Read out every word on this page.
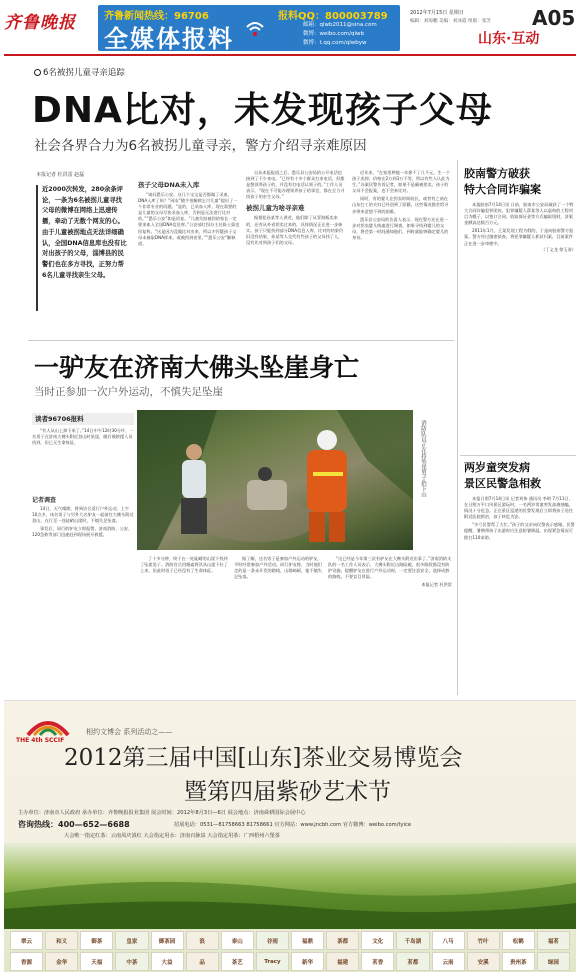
齐鲁晚报	齐鲁新闻热线：96706	报料QQ：800003789
全媒体报料	邮箱：qlwb2011@sina.com
微博：weibo.com/qlwb
微博：t.qq.com/qlwbyw
2012年7月15日 星期日
编辑：刘海鹏 美编：刘冰霞 组版：张芳 A05
山东·互动
6名被拐儿童寻亲追踪
DNA比对，未发现孩子父母
社会各界合力为6名被拐儿童寻亲，警方介绍寻亲难原因
本报记者 杜洪雷 赵磊
近2000次转发，280余条评论，一条为6名被拐儿童寻找父母的微博在网络上迅速传播，牵动了无数个网友的心。由于儿童被拐地点无法详细确认，全国DNA信息库也没有比对出孩子的父母，淄博县的民警们也在多方寻找，正努力帮6名儿童寻找亲生父母。
孩子父母DNA未入库

“请问愚乐公安，这几个宝宝是否都做了采血，DNA入库了吗？”网友“随手拍解救乞讨儿童”提出了一个非常专业的问题。“是的，已采血入库，现在需要的是儿童的父母尽快采血入库，否则是无法进行比对的。”“愚乐公安”如是回复。“儿童失踪被拐的家长一定要来血入全国DNA信息库。”公安部打拐办主任陈士渠也回复称，“这是因为没做比对出来，所以才怀疑孩子父母未被取DNA样本，或被拐到省里。”“愚乐公安”解释道。

自从本报报道之后，愚乐县公安局的公开电话也接到了不少来电。“已经有十多个群众打来电话，但都是想领养孩子的，并没有打电话认领子的。”工作人员表示，“现在不可能办理领养孩子的事宜，都在全力寻找孩子的亲生父母。”

被拐儿童为啥寻亲难

据据犯孙某等人供述，他们除了从青海贩卖来的，还有从外省拐卖过来的，具体情况正在进一步核实。孩子只能找到部分DNA信息入库，比对的结果仍旧没有结果，孙某等人交代有些孩子的父母找了人，没有比对到孩子们的父母。

近年来，“在家里种地一年挣不了几千元，生一个孩子卖掉，价格在2万到3万不等，所以有些人认此为生。”办案民警告诉记者，如果不是确被拐卖，孩子的父母不会报案，也不会来比对。

同时，有的婴儿在拐卖时间较长，或者有之前在山东打工的夫妇已经回到了原籍，这些情况都会给寻亲带来意想不到的困难。

愚乐县公安局的负责人表示，现在警方还在进一步对拐卖婴儿线索进行调查，如果寻找到婴儿的父母，将会第一时间通知他们，到时就能够确定婴儿的身份。

胶南警方破获
特大合同诈骗案

本报胶南7月14日讯 日前，胶南市公安局破获了一个特大合同诈骗犯罪团伙。犯罪嫌疑人薛某等人以虚构的工程项目为幌子，以签订合同、收取保证金等方式骗取钱财，涉案金额高达数百万元。

2011年1月，王某发现工程为假的，于是向胶南警方报案。警方经过缜密侦查，将犯罪嫌疑人抓获归案，目前案件正在进一步审理中。

（丁义龙 徐玉涛）
两岁童突发病
景区民警急相救

本报日照7月14日讯 记者刘伟 通讯员 李明 7月11日，在日照万平口风景区游玩时，一名两岁男童突发高烧抽搐，情况十分危急。正在景区巡逻的民警发现后立即将孩子送往附近医院救治，孩子转危为安。

“多亏民警帮了大忙。”孩子的父亲向民警表示感谢。民警提醒，暑期带孩子出游时应注意防暑降温，出现紧急情况可拨打110求助。

一驴友在济南大佛头坠崖身亡
当时正参加一次户外运动，不慎失足坠崖
读者96706报料
“有人从山上掉下来了。”14日中午12时30分许，一名男子在济南大佛头附近登山时坠崖，随后被救援人员找到，但已无生命体征。	消防队员正在将坠崖男子抬下山
记者调查

14日，天气晴朗，将到访合适行户外运动。上午10点多，该名男子与另外几名驴友一起前往大佛头附近登山，在行至一处陡峭山崖时，不慎失足坠落。

事发后，同行的驴友立即报警，济南消防、公安、120急救等部门迅速赶到现场展开救援。

了十多分钟，终于在一处陡峭的山崖下找到了坠崖男子。消防官兵用绳索将其从山崖下拉了上来，但此时男子已经没有了生命体征。

据了解，这名男子是参加户外运动的驴友，平时经常参加户外活动。同行驴友称，当时他们走的是一条未开发的路线，山路崎岖，他不慎失足坠落。

“这已经是今年第三次有驴友在大佛头附近出事了。”济南消防支队的一名工作人员表示，大佛头附近山路险峻，很多路段都没有防护设施，提醒驴友在进行户外运动时，一定要注意安全，选择成熟的路线，不要盲目冒险。

本报记者 杜洪雷
THE 4th SCCIF
相约文博会 系列活动之——
2012第三届中国[山东]茶业交易博览会
暨第四届紫砂艺术节
主办单位：济南市人民政府 承办单位：齐鲁晚报报业集团 展会时间：2012年8月3日—6日 展会地点：济南舜耕国际会展中心
咨询热线：400—652—6688	招展电话：0531—81758663 81758661 官方网站：www.jncbh.com 官方微博：weibo.com/tyice
大会唯一指定红茶：云南凤庆滇红 大会指定用水：济南百脉泉 大会指定用茶：广西梧州六堡茶
翠云	和义	御茶	皇家	御茶园	浪	泰山	谷雨	福鼎	茶都	文化	千岛湖	八马	竹叶	松鹤	福茗
香源	金华	天福	中茶	大益	品	茶艺	Tracy	新华	福建	茗香	茗都	云南	安溪	贵州茶	绿园
